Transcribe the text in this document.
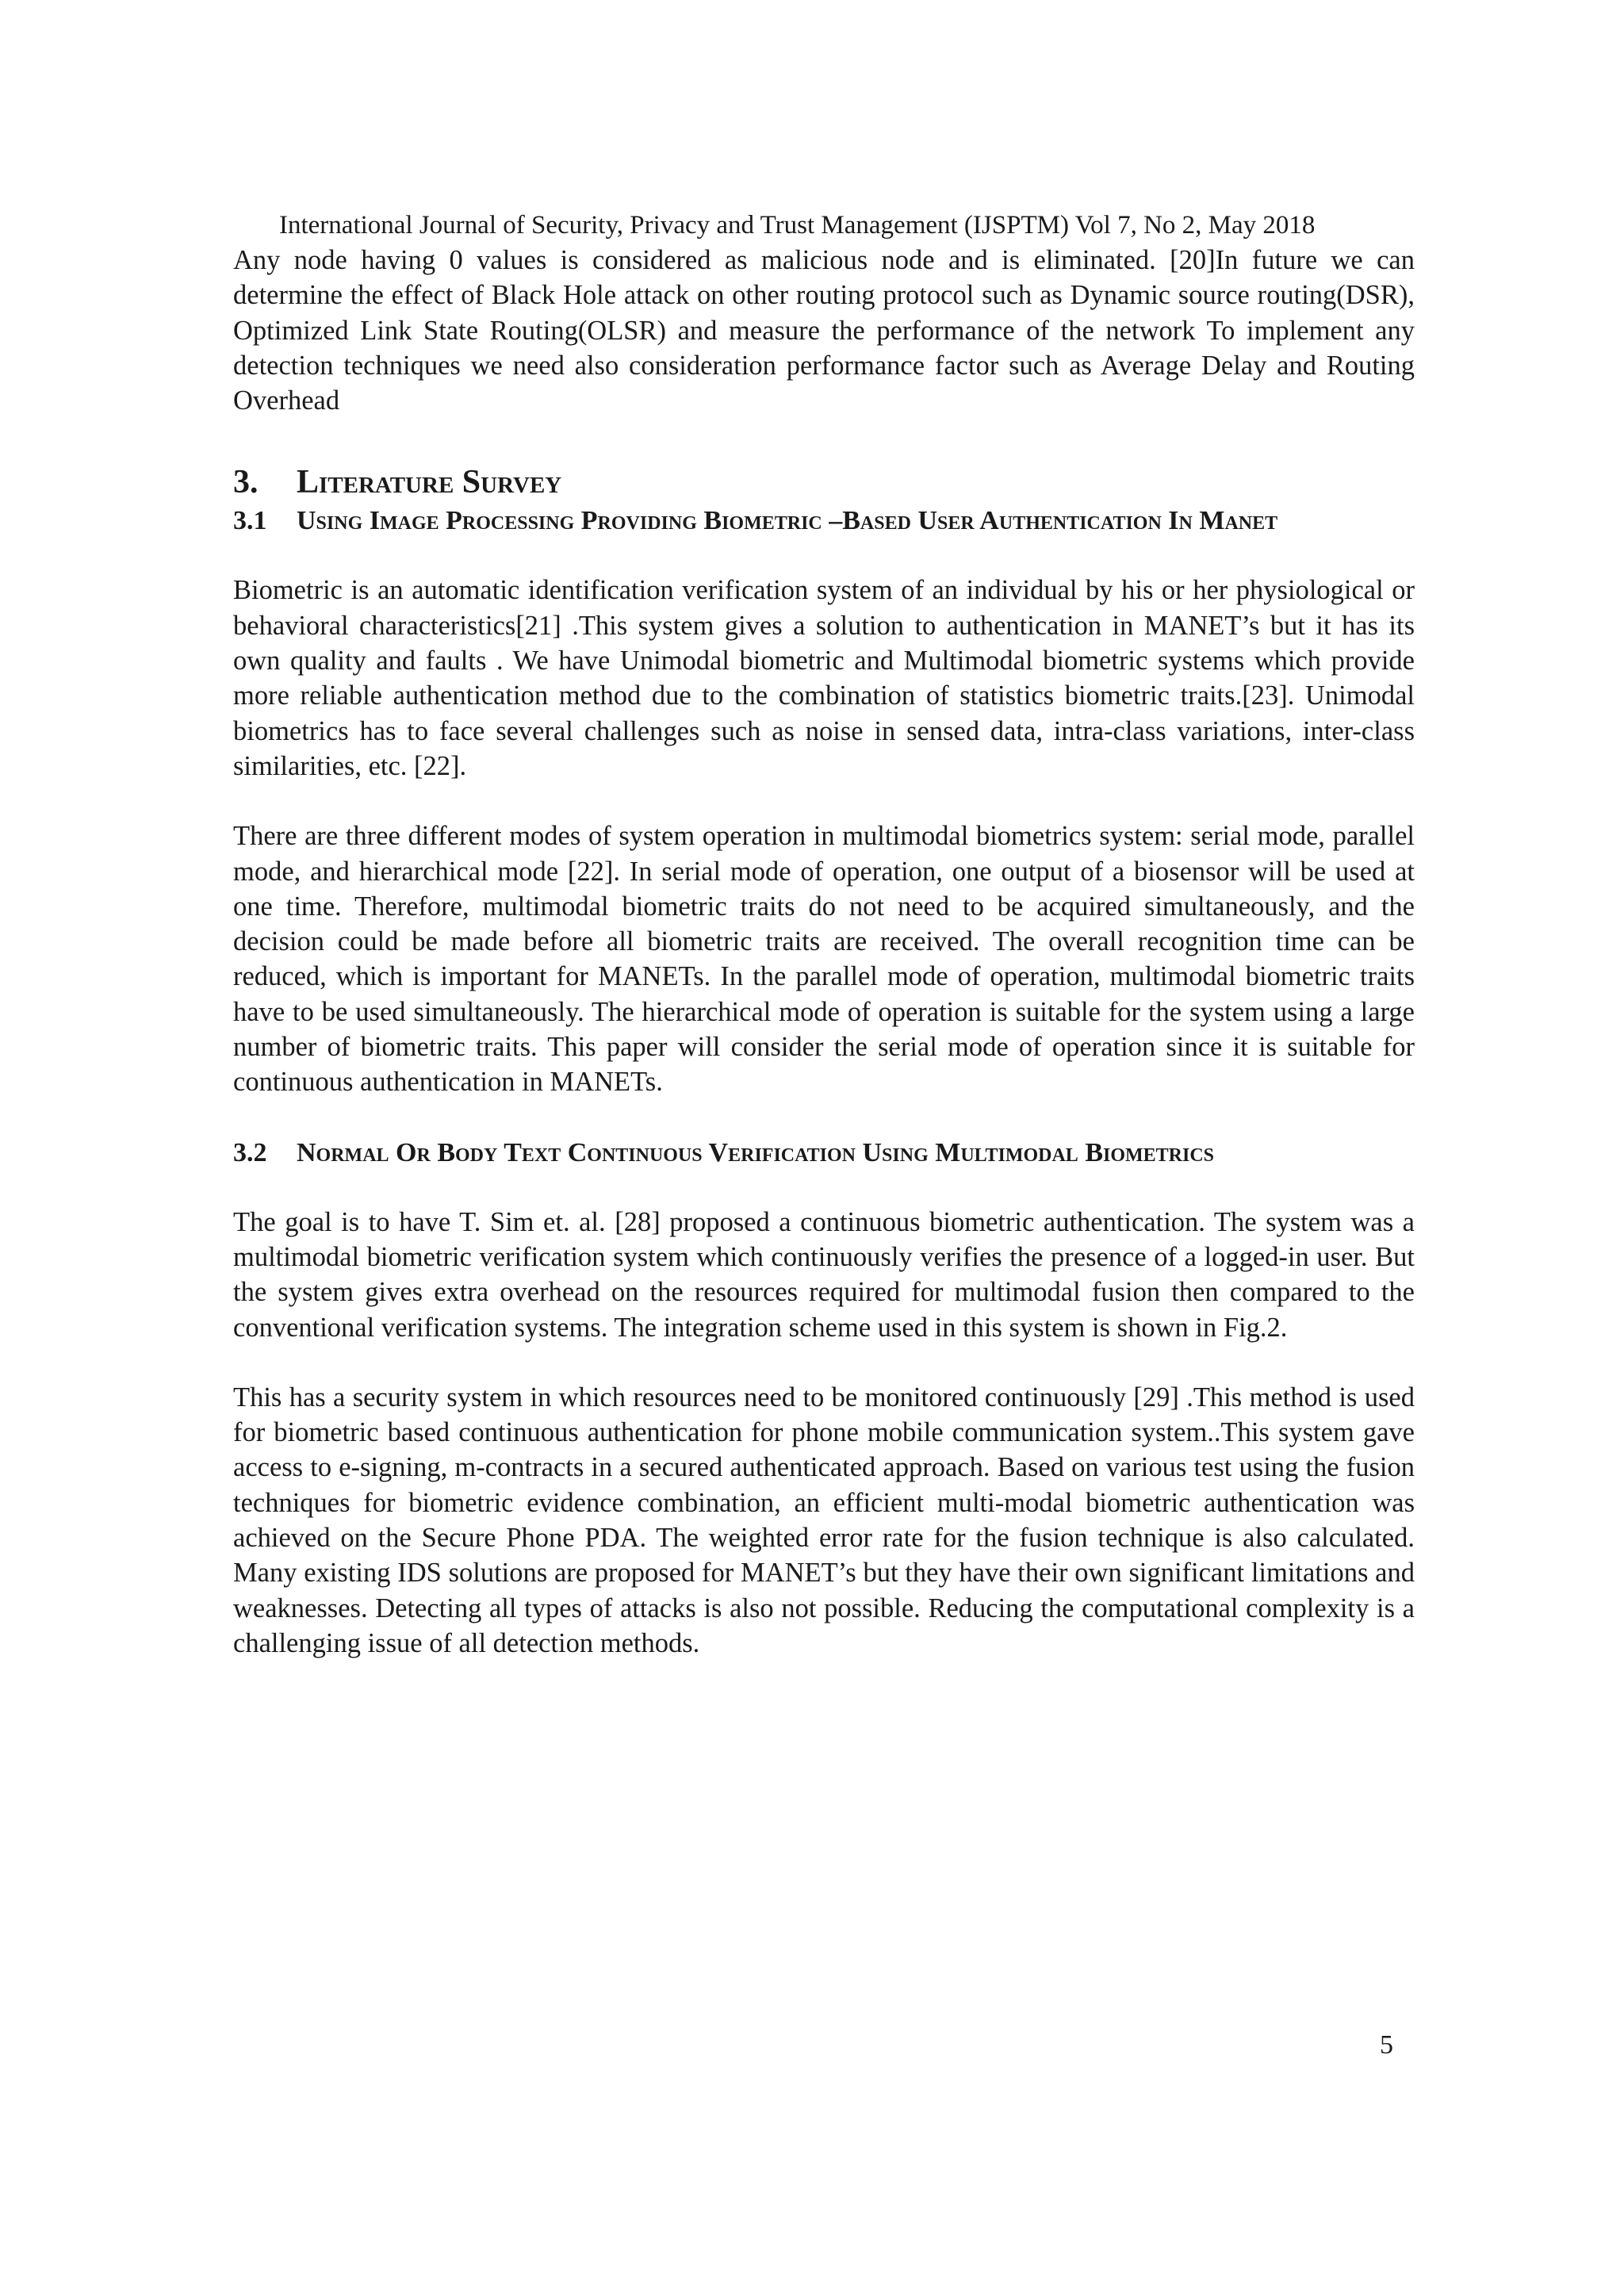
International Journal of Security, Privacy and Trust Management (IJSPTM) Vol 7, No 2, May 2018

Any node having 0 values is considered as malicious node and is eliminated. [20]In future we can determine the effect of Black Hole attack on other routing protocol such as Dynamic source routing(DSR), Optimized Link State Routing(OLSR) and measure the performance of the network To implement any detection techniques we need also consideration performance factor such as Average Delay and Routing Overhead

3.	Literature Survey
3.1	Using Image Processing Providing Biometric –Based User Authentication In Manet

Biometric is an automatic identification verification system of an individual by his or her physiological or behavioral characteristics[21] .This system gives a solution to authentication in MANET’s but it has its own quality and faults . We have Unimodal biometric and Multimodal biometric systems which provide more reliable authentication method due to the combination of statistics biometric traits.[23]. Unimodal biometrics has to face several challenges such as noise in sensed data, intra-class variations, inter-class similarities, etc. [22].

There are three different modes of system operation in multimodal biometrics system: serial mode, parallel mode, and hierarchical mode [22]. In serial mode of operation, one output of a biosensor will be used at one time. Therefore, multimodal biometric traits do not need to be acquired simultaneously, and the decision could be made before all biometric traits are received. The overall recognition time can be reduced, which is important for MANETs. In the parallel mode of operation, multimodal biometric traits have to be used simultaneously. The hierarchical mode of operation is suitable for the system using a large number of biometric traits. This paper will consider the serial mode of operation since it is suitable for continuous authentication in MANETs.

3.2	Normal Or Body Text Continuous Verification Using Multimodal Biometrics

The goal is to have T. Sim et. al. [28] proposed a continuous biometric authentication. The system was a multimodal biometric verification system which continuously verifies the presence of a logged-in user. But the system gives extra overhead on the resources required for multimodal fusion then compared to the conventional verification systems. The integration scheme used in this system is shown in Fig.2.

This has a security system in which resources need to be monitored continuously [29] .This method is used for biometric based continuous authentication for phone mobile communication system..This system gave access to e-signing, m-contracts in a secured authenticated approach. Based on various test using the fusion techniques for biometric evidence combination, an efficient multi-modal biometric authentication was achieved on the Secure Phone PDA. The weighted error rate for the fusion technique is also calculated. Many existing IDS solutions are proposed for MANET’s but they have their own significant limitations and weaknesses. Detecting all types of attacks is also not possible. Reducing the computational complexity is a challenging issue of all detection methods.

5
